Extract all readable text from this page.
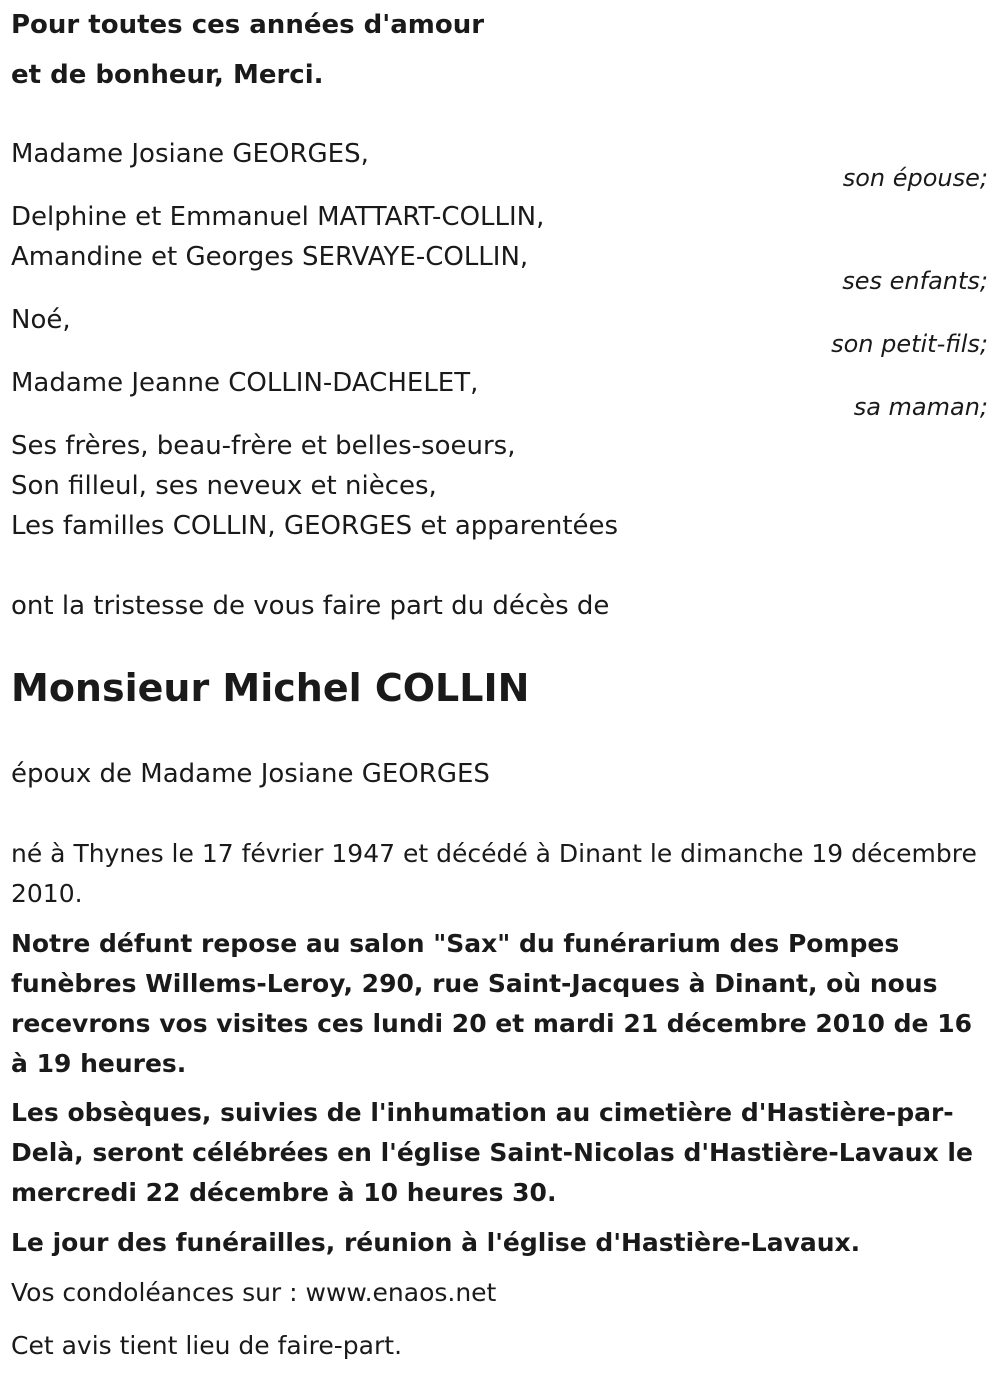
Pour toutes ces années d'amour

et de bonheur, Merci.

Madame Josiane GEORGES,

son épouse;

Delphine et Emmanuel MATTART-COLLIN,

Amandine et Georges SERVAYE-COLLIN,

ses enfants;

Noé,

son petit-fils;

Madame Jeanne COLLIN-DACHELET,

sa maman;

Ses frères, beau-frère et belles-soeurs,

Son filleul, ses neveux et nièces,

Les familles COLLIN, GEORGES et apparentées

ont la tristesse de vous faire part du décès de

Monsieur Michel COLLIN

époux de Madame Josiane GEORGES

né à Thynes le 17 février 1947 et décédé à Dinant le dimanche 19 décembre 2010.

Notre défunt repose au salon "Sax" du funérarium des Pompes funèbres Willems-Leroy, 290, rue Saint-Jacques à Dinant, où nous recevrons vos visites ces lundi 20 et mardi 21 décembre 2010 de 16 à 19 heures.

Les obsèques, suivies de l'inhumation au cimetière d'Hastière-par-Delà, seront célébrées en l'église Saint-Nicolas d'Hastière-Lavaux le mercredi 22 décembre à 10 heures 30.

Le jour des funérailles, réunion à l'église d'Hastière-Lavaux.

Vos condoléances sur : www.enaos.net

Cet avis tient lieu de faire-part.
